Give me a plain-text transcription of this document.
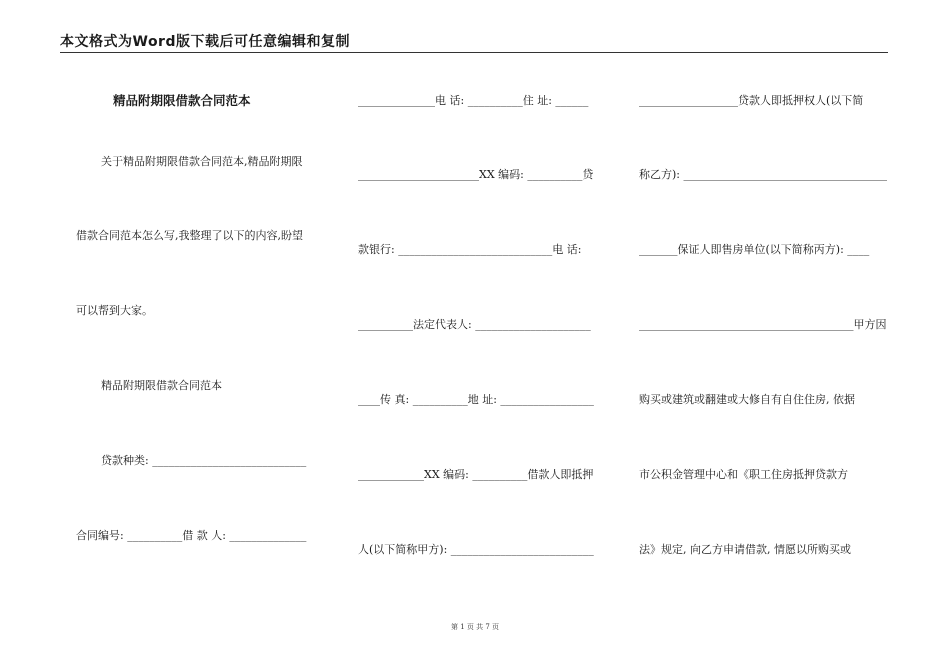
本文格式为Word版下载后可任意编辑和复制
精品附期限借款合同范本
关于精品附期限借款合同范本,精品附期限
借款合同范本怎么写,我整理了以下的内容,盼望
可以帮到大家。
精品附期限借款合同范本
贷款种类: ____________________________
合同编号: __________借 款 人: ______________
______________电 话: __________住 址: ______
______________________XX 编码: __________贷
款银行: ____________________________电 话:
__________法定代表人: _____________________
____传 真: __________地 址: _________________
____________XX 编码: __________借款人即抵押
人(以下简称甲方): __________________________
__________________贷款人即抵押权人(以下简
称乙方): _____________________________________
_______保证人即售房单位(以下简称丙方): ____
_______________________________________甲方因
购买或建筑或翻建或大修自有自住住房, 依据
市公积金管理中心和《职工住房抵押贷款方
法》规定, 向乙方申请借款, 情愿以所购买或
第 1 页 共 7 页
